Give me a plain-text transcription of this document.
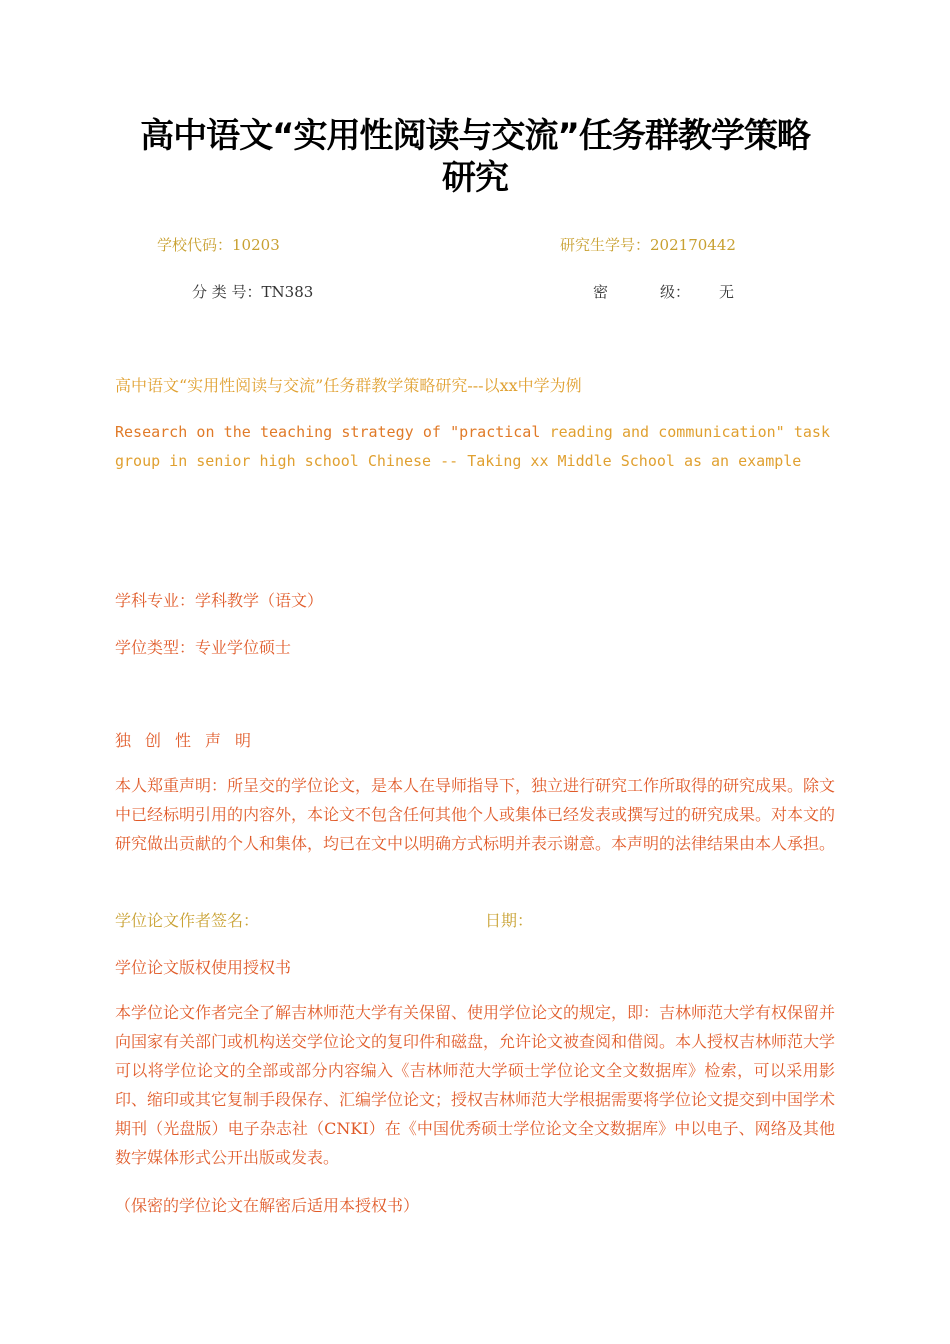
高中语文“实用性阅读与交流”任务群教学策略
研究
学校代码：10203	研究生学号：202170442
分 类 号：TN383	密	级： 无
高中语文“实用性阅读与交流”任务群教学策略研究---以xx中学为例
Research on the teaching strategy of "practical reading and communication" task group in senior high school Chinese -- Taking xx Middle School as an example
学科专业：学科教学（语文）
学位类型：专业学位硕士
独创性声明
本人郑重声明：所呈交的学位论文，是本人在导师指导下，独立进行研究工作所取得的研究成果。除文中已经标明引用的内容外，本论文不包含任何其他个人或集体已经发表或撰写过的研究成果。对本文的研究做出贡献的个人和集体，均已在文中以明确方式标明并表示谢意。本声明的法律结果由本人承担。
学位论文作者签名：	日期：
学位论文版权使用授权书
本学位论文作者完全了解吉林师范大学有关保留、使用学位论文的规定，即：吉林师范大学有权保留并向国家有关部门或机构送交学位论文的复印件和磁盘，允许论文被查阅和借阅。本人授权吉林师范大学可以将学位论文的全部或部分内容编入《吉林师范大学硕士学位论文全文数据库》检索，可以采用影印、缩印或其它复制手段保存、汇编学位论文；授权吉林师范大学根据需要将学位论文提交到中国学术期刊（光盘版）电子杂志社（CNKI）在《中国优秀硕士学位论文全文数据库》中以电子、网络及其他数字媒体形式公开出版或发表。
（保密的学位论文在解密后适用本授权书）
